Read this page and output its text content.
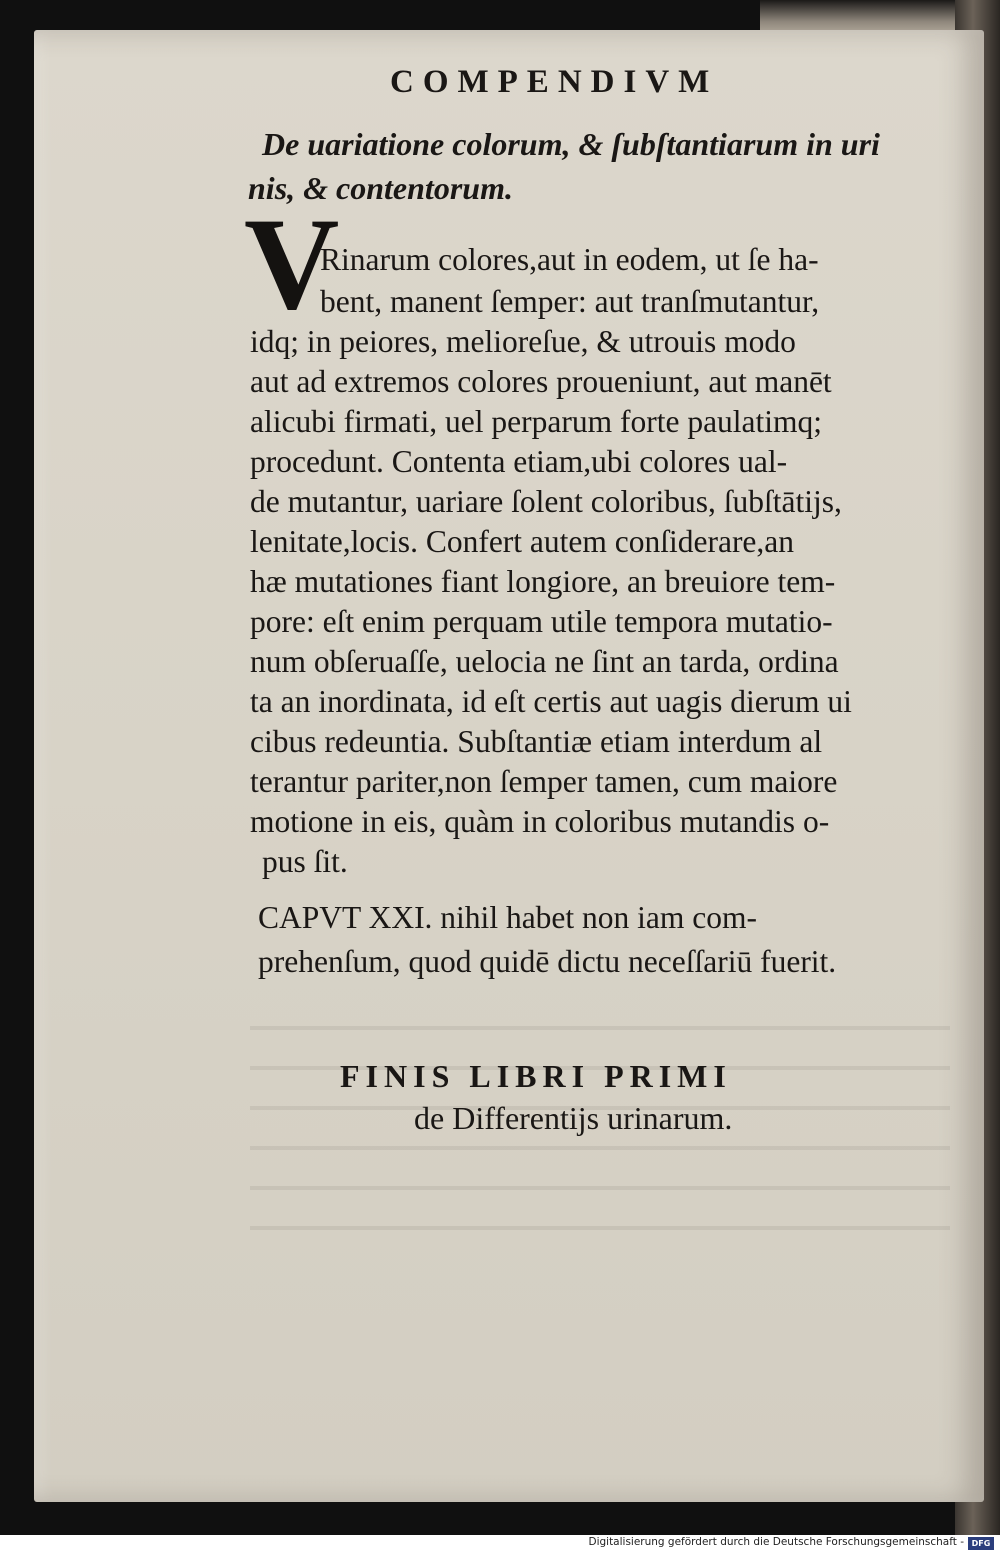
COMPENDIVM
De uariatione colorum, & ſubſtantiarum in uri
nis, & contentorum.
V
Rinarum colores,aut in eodem, ut ſe ha-
bent, manent ſemper: aut tranſmutantur,
idq; in peiores, melioreſue, & utrouis modo
aut ad extremos colores proueniunt, aut manēt
alicubi firmati, uel perparum forte paulatimq;
procedunt. Contenta etiam,ubi colores ual-
de mutantur, uariare ſolent coloribus, ſubſtātijs,
lenitate,locis. Confert autem conſiderare,an
hæ mutationes fiant longiore, an breuiore tem-
pore: eſt enim perquam utile tempora mutatio-
num obſeruaſſe, uelocia ne ſint an tarda, ordina
ta an inordinata, id eſt certis aut uagis dierum ui
cibus redeuntia. Subſtantiæ etiam interdum al
terantur pariter,non ſemper tamen, cum maiore
motione in eis, quàm in coloribus mutandis o-
pus ſit.
CAPVT XXI. nihil habet non iam com-
prehenſum, quod quidē dictu neceſſariū fuerit.
FINIS LIBRI PRIMI
de Differentijs urinarum.
Digitalisierung gefördert durch die Deutsche Forschungsgemeinschaft - DFG
